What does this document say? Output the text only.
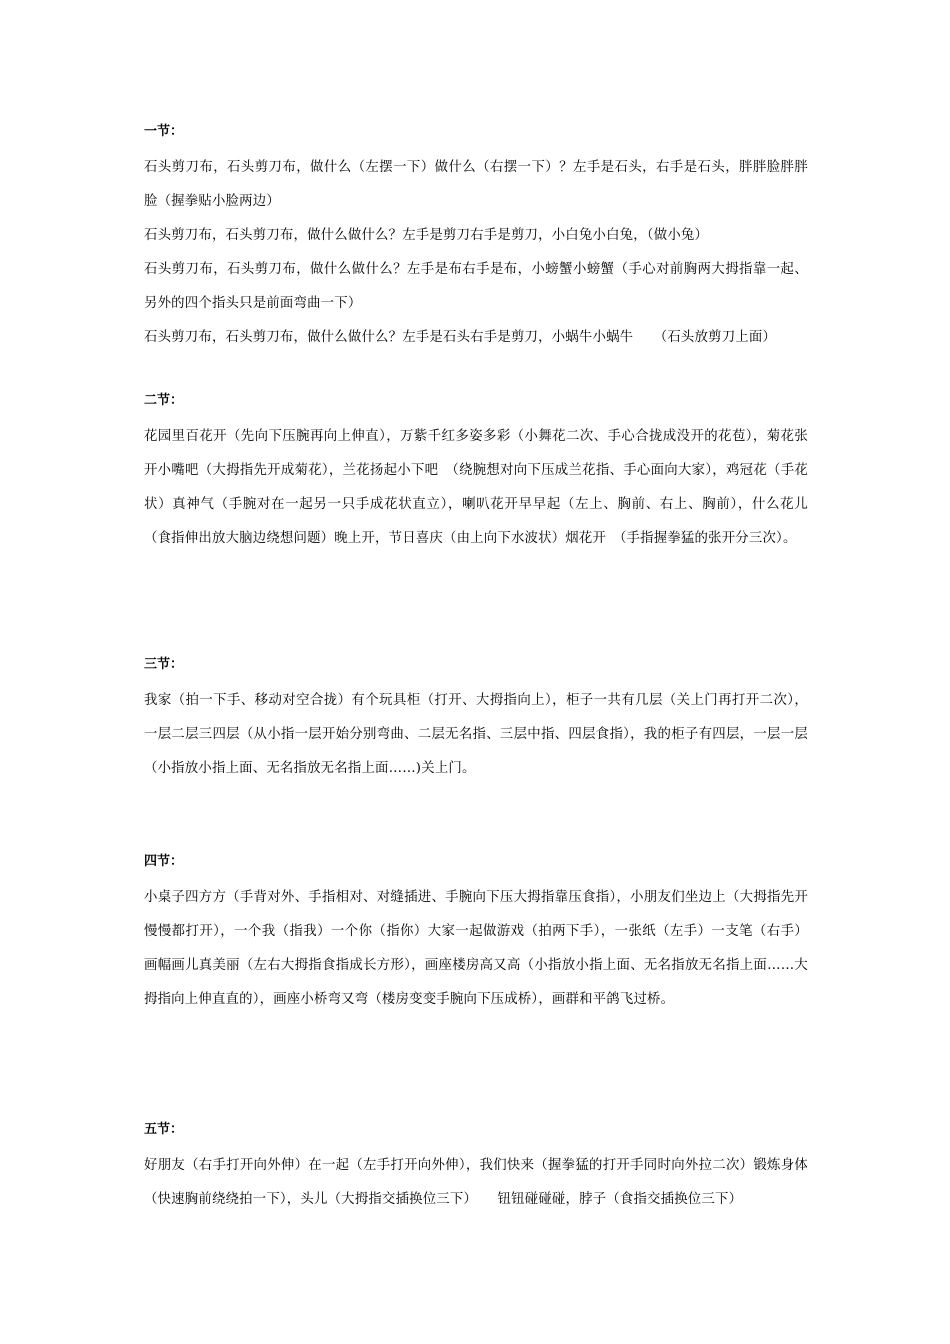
一节：

石头剪刀布，石头剪刀布，做什么（左摆一下）做什么（右摆一下）？左手是石头，右手是石头，胖胖脸胖胖脸（握拳贴小脸两边）

石头剪刀布，石头剪刀布，做什么做什么？左手是剪刀右手是剪刀，小白兔小白兔，（做小兔）

石头剪刀布，石头剪刀布，做什么做什么？左手是布右手是布，小螃蟹小螃蟹（手心对前胸两大拇指靠一起、另外的四个指头只是前面弯曲一下）

石头剪刀布，石头剪刀布，做什么做什么？左手是石头右手是剪刀，小蜗牛小蜗牛　　（石头放剪刀上面）

二节：

花园里百花开（先向下压腕再向上伸直），万紫千红多姿多彩（小舞花二次、手心合拢成没开的花苞），菊花张开小嘴吧（大拇指先开成菊花），兰花扬起小下吧　（绕腕想对向下压成兰花指、手心面向大家），鸡冠花（手花状）真神气（手腕对在一起另一只手成花状直立），喇叭花开早早起（左上、胸前、右上、胸前），什么花儿（食指伸出放大脑边绕想问题）晚上开，节日喜庆（由上向下水波状）烟花开　（手指握拳猛的张开分三次）。

三节：

我家（拍一下手、移动对空合拢）有个玩具柜（打开、大拇指向上），柜子一共有几层（关上门再打开二次），一层二层三四层（从小指一层开始分别弯曲、二层无名指、三层中指、四层食指），我的柜子有四层，一层一层（小指放小指上面、无名指放无名指上面……)关上门。

四节：

小桌子四方方（手背对外、手指相对、对缝插进、手腕向下压大拇指靠压食指），小朋友们坐边上（大拇指先开慢慢都打开），一个我（指我）一个你（指你）大家一起做游戏（拍两下手），一张纸（左手）一支笔（右手）画幅画儿真美丽（左右大拇指食指成长方形），画座楼房高又高（小指放小指上面、无名指放无名指上面……大拇指向上伸直直的），画座小桥弯又弯（楼房变变手腕向下压成桥），画群和平鸽飞过桥。

五节：

好朋友（右手打开向外伸）在一起（左手打开向外伸），我们快来（握拳猛的打开手同时向外拉二次）锻炼身体（快速胸前绕绕拍一下），头儿（大拇指交插换位三下）　　钮钮碰碰碰，脖子（食指交插换位三下）
